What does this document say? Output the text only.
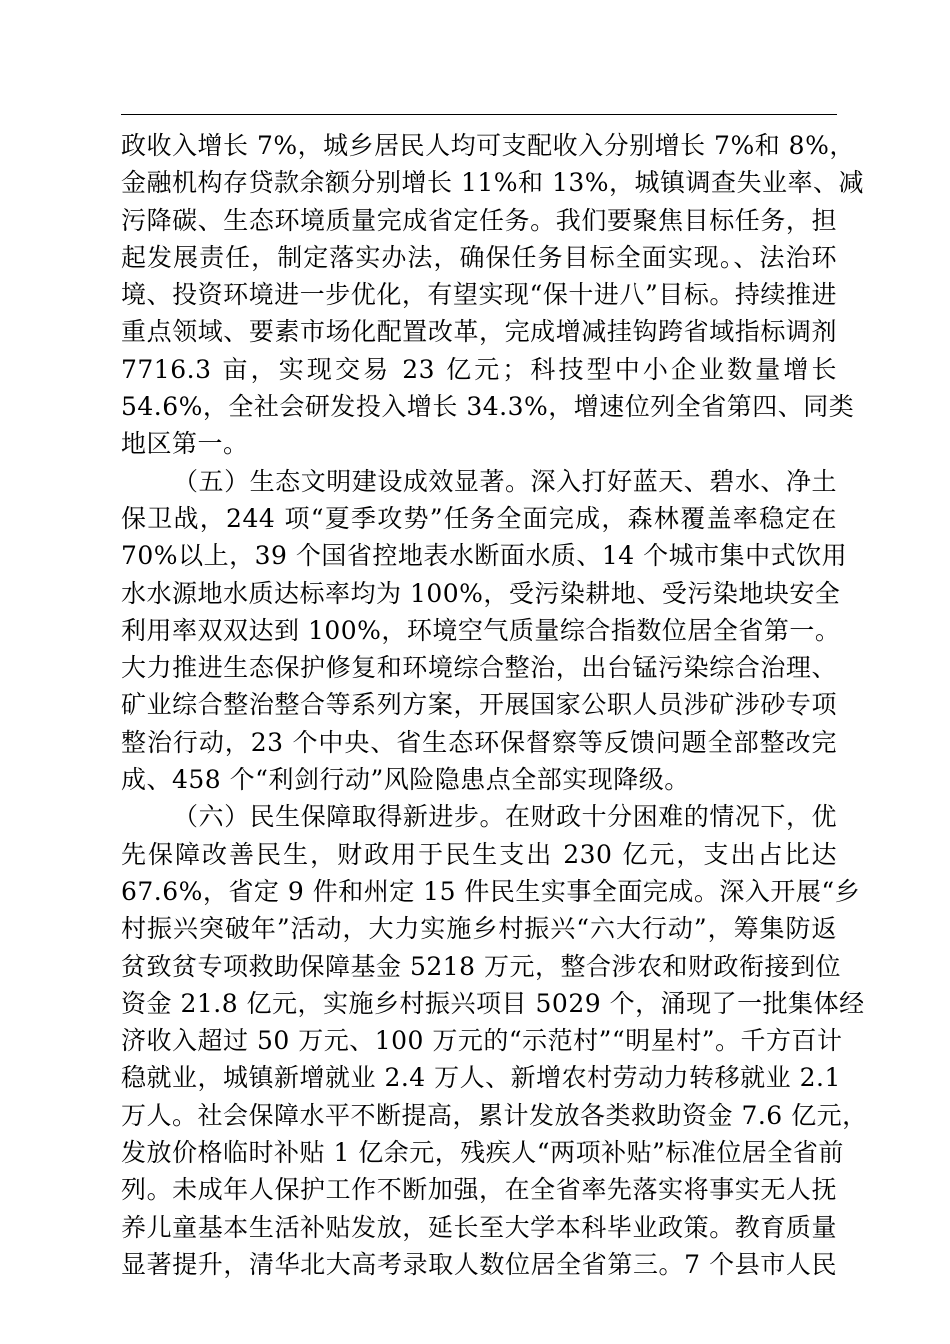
政收入增长 7%，城乡居民人均可支配收入分别增长 7%和 8%，
金融机构存贷款余额分别增长 11%和 13%，城镇调查失业率、减
污降碳、生态环境质量完成省定任务。我们要聚焦目标任务，担
起发展责任，制定落实办法，确保任务目标全面实现。、法治环
境、投资环境进一步优化，有望实现“保十进八”目标。持续推进
重点领域、要素市场化配置改革，完成增减挂钩跨省域指标调剂
7716.3 亩，实现交易 23 亿元；科技型中小企业数量增长
54.6%，全社会研发投入增长 34.3%，增速位列全省第四、同类
地区第一。
（五）生态文明建设成效显著。深入打好蓝天、碧水、净土
保卫战，244 项“夏季攻势”任务全面完成，森林覆盖率稳定在
70%以上，39 个国省控地表水断面水质、14 个城市集中式饮用
水水源地水质达标率均为 100%，受污染耕地、受污染地块安全
利用率双双达到 100%，环境空气质量综合指数位居全省第一。
大力推进生态保护修复和环境综合整治，出台锰污染综合治理、
矿业综合整治整合等系列方案，开展国家公职人员涉矿涉砂专项
整治行动，23 个中央、省生态环保督察等反馈问题全部整改完
成、458 个“利剑行动”风险隐患点全部实现降级。
（六）民生保障取得新进步。在财政十分困难的情况下，优
先保障改善民生，财政用于民生支出 230 亿元，支出占比达
67.6%，省定 9 件和州定 15 件民生实事全面完成。深入开展“乡
村振兴突破年”活动，大力实施乡村振兴“六大行动”，筹集防返
贫致贫专项救助保障基金 5218 万元，整合涉农和财政衔接到位
资金 21.8 亿元，实施乡村振兴项目 5029 个，涌现了一批集体经
济收入超过 50 万元、100 万元的“示范村”“明星村”。千方百计
稳就业，城镇新增就业 2.4 万人、新增农村劳动力转移就业 2.1
万人。社会保障水平不断提高，累计发放各类救助资金 7.6 亿元，
发放价格临时补贴 1 亿余元，残疾人“两项补贴”标准位居全省前
列。未成年人保护工作不断加强，在全省率先落实将事实无人抚
养儿童基本生活补贴发放，延长至大学本科毕业政策。教育质量
显著提升，清华北大高考录取人数位居全省第三。7 个县市人民
